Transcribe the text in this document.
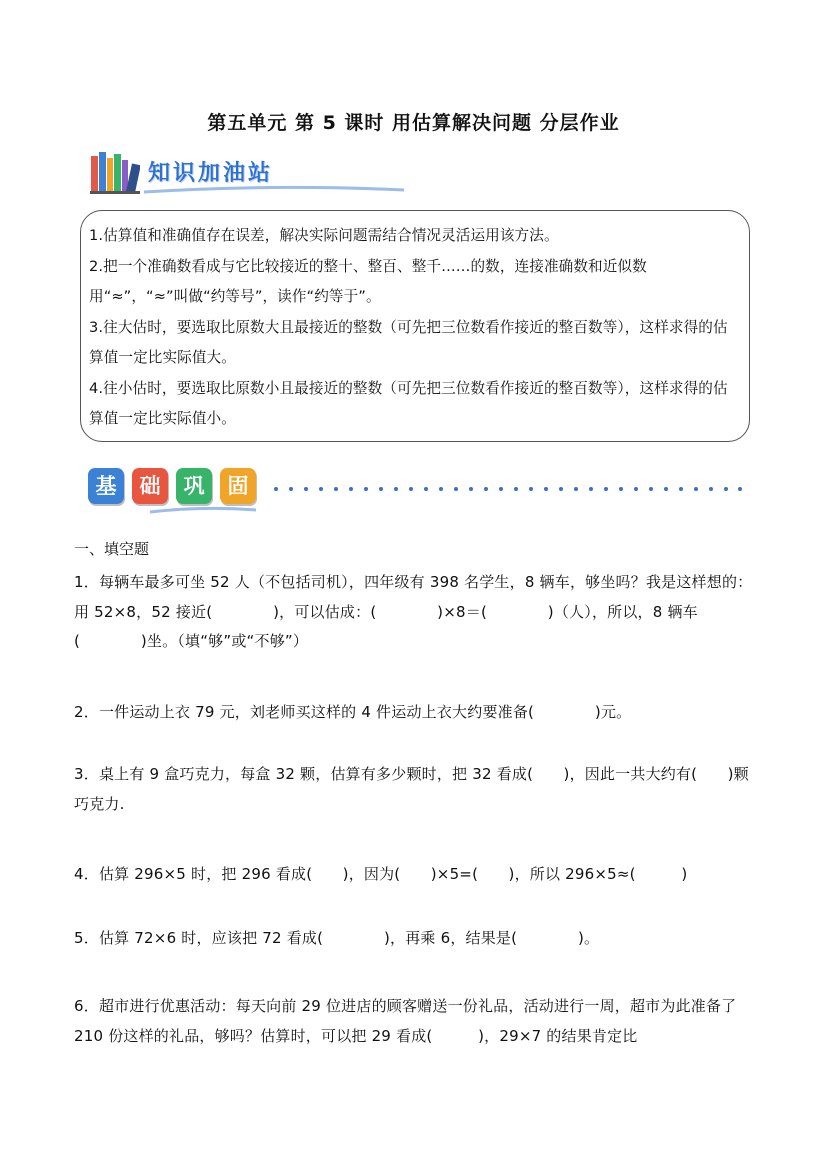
第五单元 第 5 课时 用估算解决问题 分层作业
知识加油站

1.估算值和准确值存在误差，解决实际问题需结合情况灵活运用该方法。

2.把一个准确数看成与它比较接近的整十、整百、整千……的数，连接准确数和近似数用“≈”，“≈”叫做“约等号”，读作“约等于”。

3.往大估时，要选取比原数大且最接近的整数（可先把三位数看作接近的整百数等），这样求得的估算值一定比实际值大。

4.往小估时，要选取比原数小且最接近的整数（可先把三位数看作接近的整百数等），这样求得的估算值一定比实际值小。

基	础	巩	固
一、填空题
1．每辆车最多可坐 52 人（不包括司机），四年级有 398 名学生，8 辆车，够坐吗？我是这样想的：用 52×8，52 接近(　　　　)，可以估成：(　　　　)×8＝(　　　　)（人），所以，8 辆车(　　　　)坐。（填“够”或“不够”）
2．一件运动上衣 79 元，刘老师买这样的 4 件运动上衣大约要准备(　　　　)元。
3．桌上有 9 盒巧克力，每盒 32 颗，估算有多少颗时，把 32 看成(　　)，因此一共大约有(　　)颗巧克力.
4．估算 296×5 时，把 296 看成(　　)，因为(　　)×5=(　　)，所以 296×5≈(　　　)
5．估算 72×6 时，应该把 72 看成(　　　　)，再乘 6，结果是(　　　　)。
6．超市进行优惠活动：每天向前 29 位进店的顾客赠送一份礼品，活动进行一周，超市为此准备了 210 份这样的礼品，够吗？估算时，可以把 29 看成(　　　)，29×7 的结果肯定比
